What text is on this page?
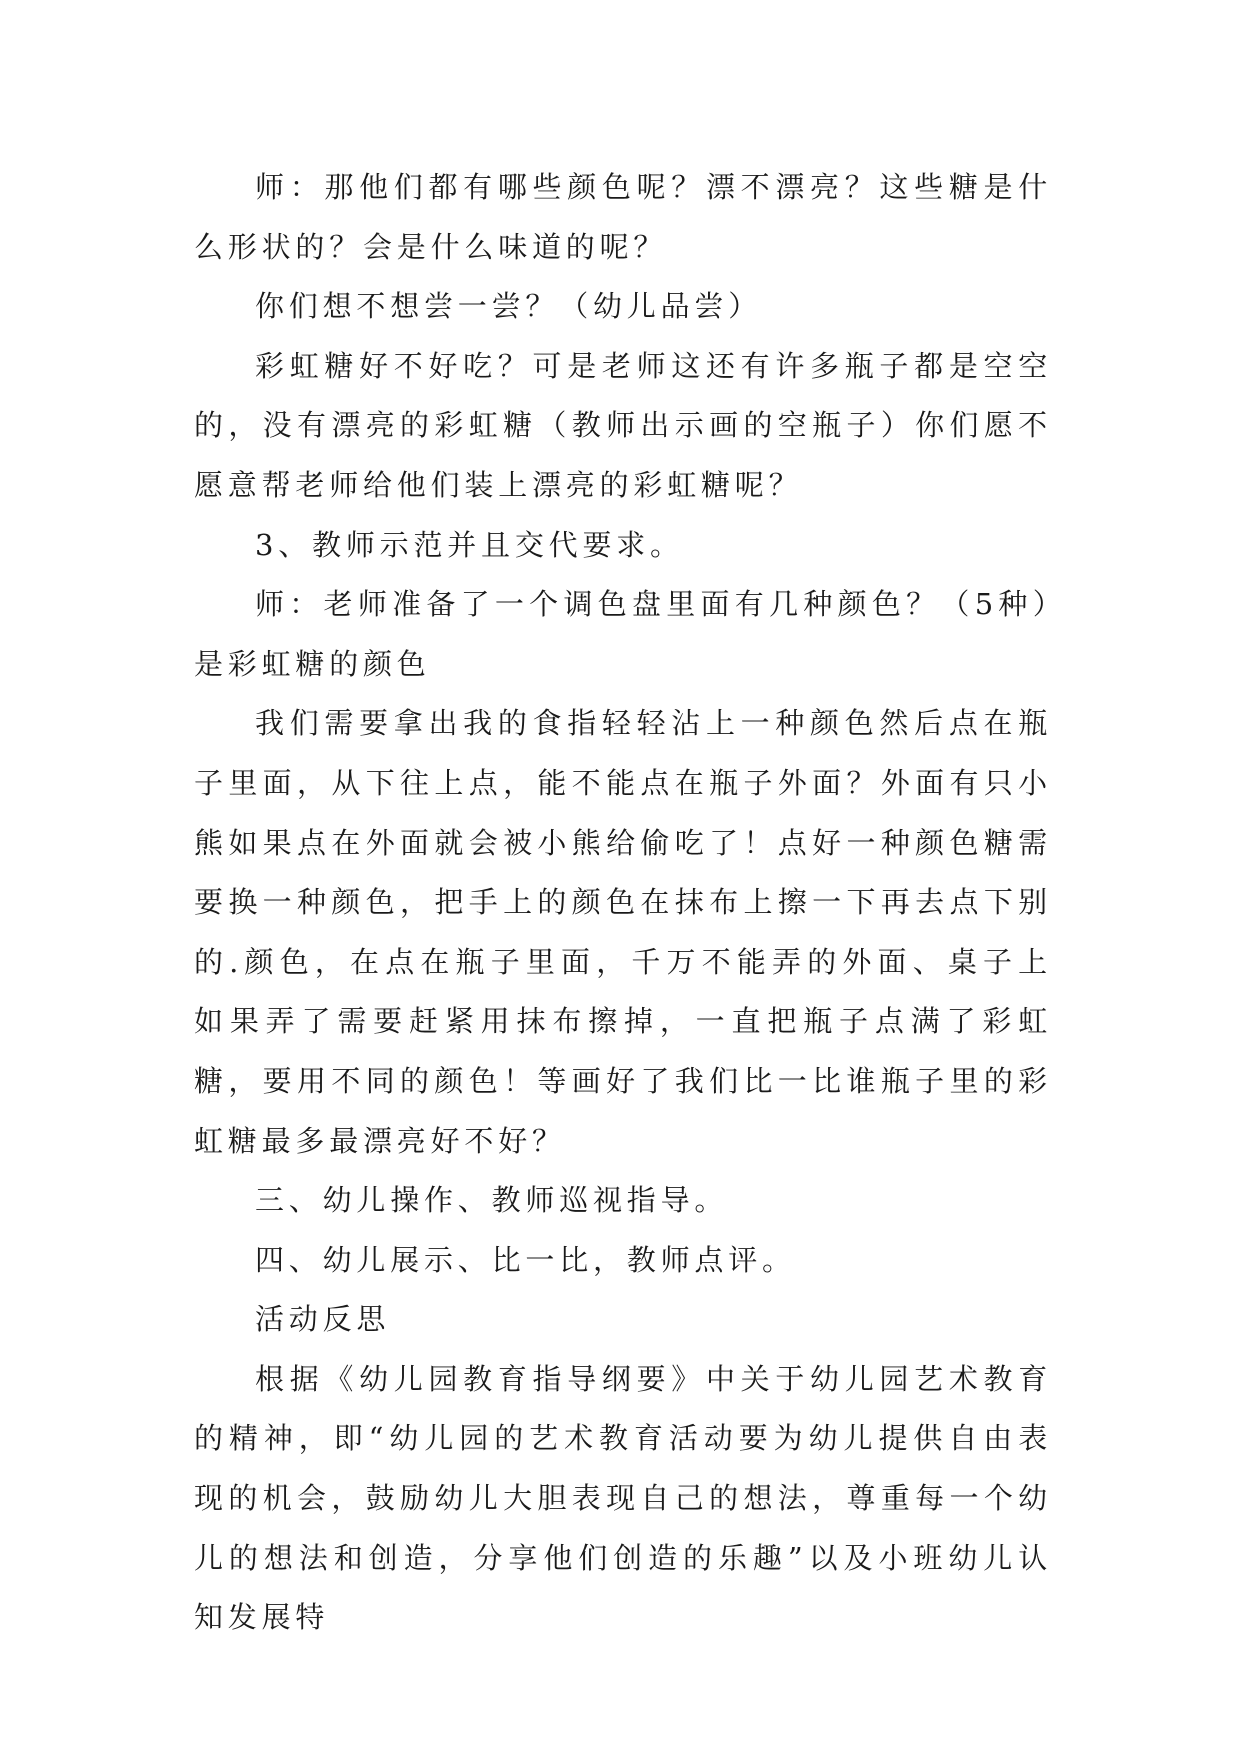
师：那他们都有哪些颜色呢？漂不漂亮？这些糖是什么形状的？会是什么味道的呢？

你们想不想尝一尝？（幼儿品尝）

彩虹糖好不好吃？可是老师这还有许多瓶子都是空空的，没有漂亮的彩虹糖（教师出示画的空瓶子）你们愿不愿意帮老师给他们装上漂亮的彩虹糖呢？

3、教师示范并且交代要求。

师：老师准备了一个调色盘里面有几种颜色？（5种）是彩虹糖的颜色

我们需要拿出我的食指轻轻沾上一种颜色然后点在瓶子里面，从下往上点，能不能点在瓶子外面？外面有只小熊如果点在外面就会被小熊给偷吃了！点好一种颜色糖需要换一种颜色，把手上的颜色在抹布上擦一下再去点下别的.颜色，在点在瓶子里面，千万不能弄的外面、桌子上如果弄了需要赶紧用抹布擦掉，一直把瓶子点满了彩虹糖，要用不同的颜色！等画好了我们比一比谁瓶子里的彩虹糖最多最漂亮好不好？

三、幼儿操作、教师巡视指导。

四、幼儿展示、比一比，教师点评。

活动反思

根据《幼儿园教育指导纲要》中关于幼儿园艺术教育的精神，即“幼儿园的艺术教育活动要为幼儿提供自由表现的机会，鼓励幼儿大胆表现自己的想法，尊重每一个幼儿的想法和创造，分享他们创造的乐趣”以及小班幼儿认知发展特
